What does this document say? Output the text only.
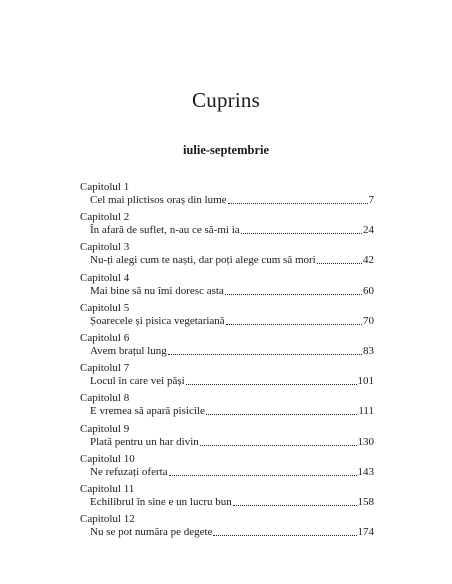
Cuprins
iulie-septembrie
Capitolul 1
Cel mai plictisos oraș din lume	7
Capitolul 2
În afară de suflet, n-au ce să-mi ia	24
Capitolul 3
Nu-ți alegi cum te naști, dar poți alege cum să mori	42
Capitolul 4
Mai bine să nu îmi doresc asta	60
Capitolul 5
Șoarecele și pisica vegetariană	70
Capitolul 6
Avem brațul lung	83
Capitolul 7
Locul în care vei păși	101
Capitolul 8
E vremea să apară pisicile	111
Capitolul 9
Plată pentru un har divin	130
Capitolul 10
Ne refuzați oferta	143
Capitolul 11
Echilibrul în sine e un lucru bun	158
Capitolul 12
Nu se pot număra pe degete	174
